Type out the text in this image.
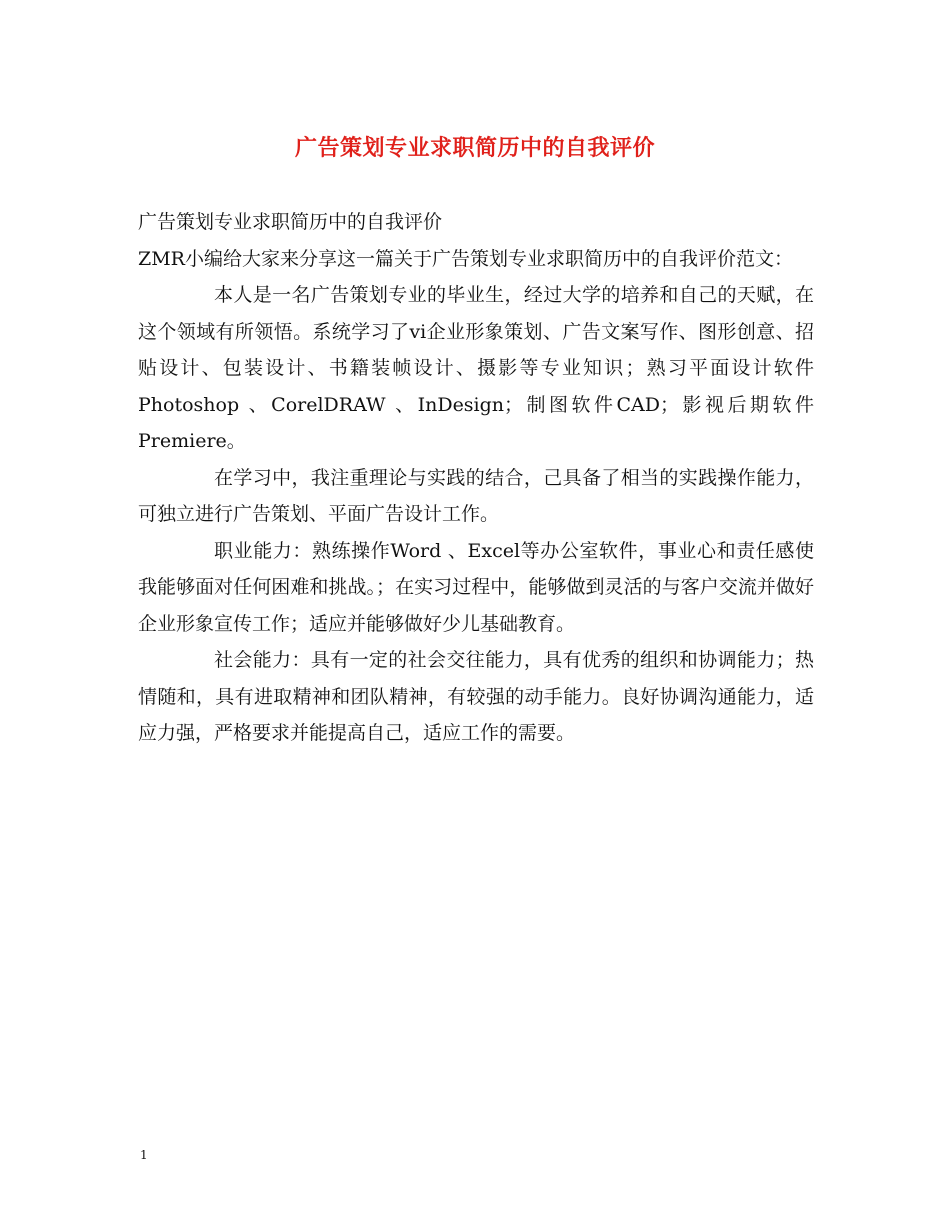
广告策划专业求职简历中的自我评价

广告策划专业求职简历中的自我评价

ZMR小编给大家来分享这一篇关于广告策划专业求职简历中的自我评价范文：

本人是一名广告策划专业的毕业生，经过大学的培养和自己的天赋，在这个领域有所领悟。系统学习了vi企业形象策划、广告文案写作、图形创意、招贴设计、包装设计、书籍装帧设计、摄影等专业知识；熟习平面设计软件Photoshop 、CorelDRAW 、InDesign；制图软件CAD；影视后期软件Premiere。

在学习中，我注重理论与实践的结合，己具备了相当的实践操作能力，可独立进行广告策划、平面广告设计工作。

职业能力：熟练操作Word 、Excel等办公室软件，事业心和责任感使我能够面对任何困难和挑战。；在实习过程中，能够做到灵活的与客户交流并做好企业形象宣传工作；适应并能够做好少儿基础教育。

社会能力：具有一定的社会交往能力，具有优秀的组织和协调能力；热情随和，具有进取精神和团队精神，有较强的动手能力。良好协调沟通能力，适应力强，严格要求并能提高自己，适应工作的需要。

1
